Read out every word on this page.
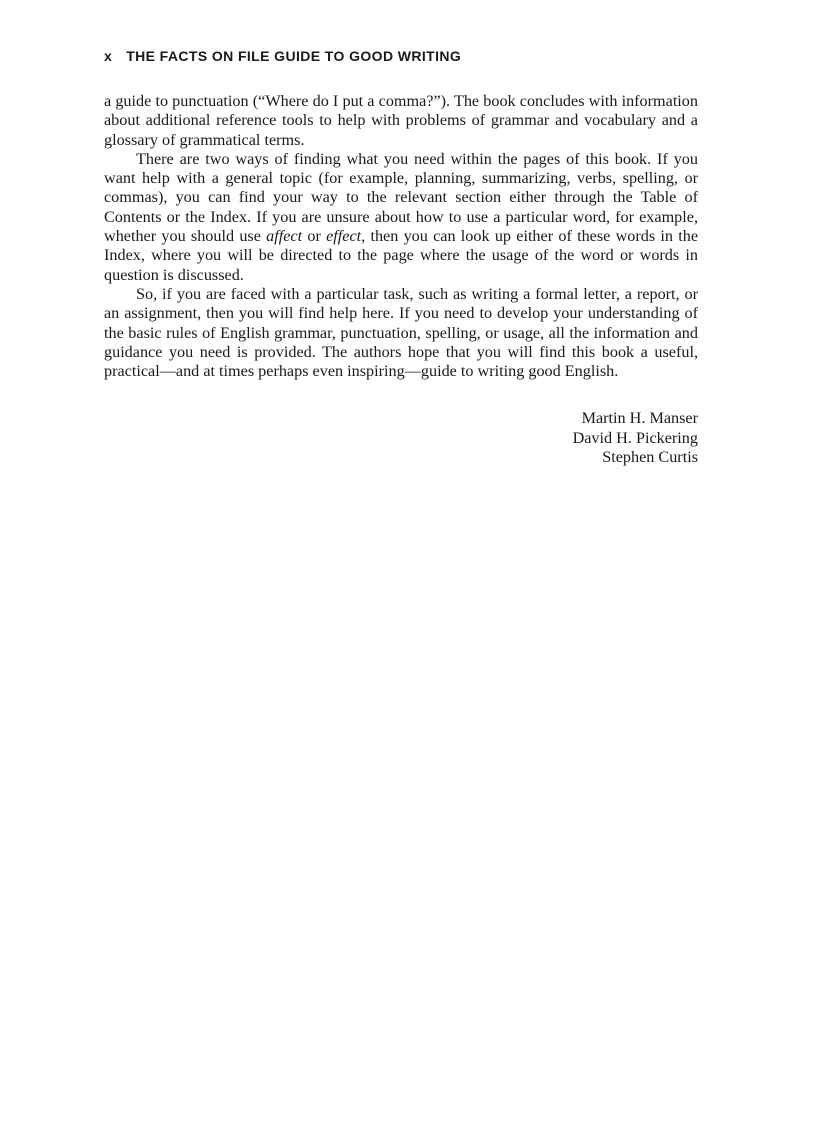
x THE FACTS ON FILE GUIDE TO GOOD WRITING

a guide to punctuation (“Where do I put a comma?”). The book concludes with information about additional reference tools to help with problems of grammar and vocabulary and a glossary of grammatical terms.

There are two ways of finding what you need within the pages of this book. If you want help with a general topic (for example, planning, summarizing, verbs, spelling, or commas), you can find your way to the relevant section either through the Table of Contents or the Index. If you are unsure about how to use a particular word, for example, whether you should use affect or effect, then you can look up either of these words in the Index, where you will be directed to the page where the usage of the word or words in question is discussed.

So, if you are faced with a particular task, such as writing a formal letter, a report, or an assignment, then you will find help here. If you need to develop your understanding of the basic rules of English grammar, punctuation, spelling, or usage, all the information and guidance you need is provided. The authors hope that you will find this book a useful, practical—and at times perhaps even inspiring—guide to writing good English.

Martin H. Manser
David H. Pickering
Stephen Curtis
